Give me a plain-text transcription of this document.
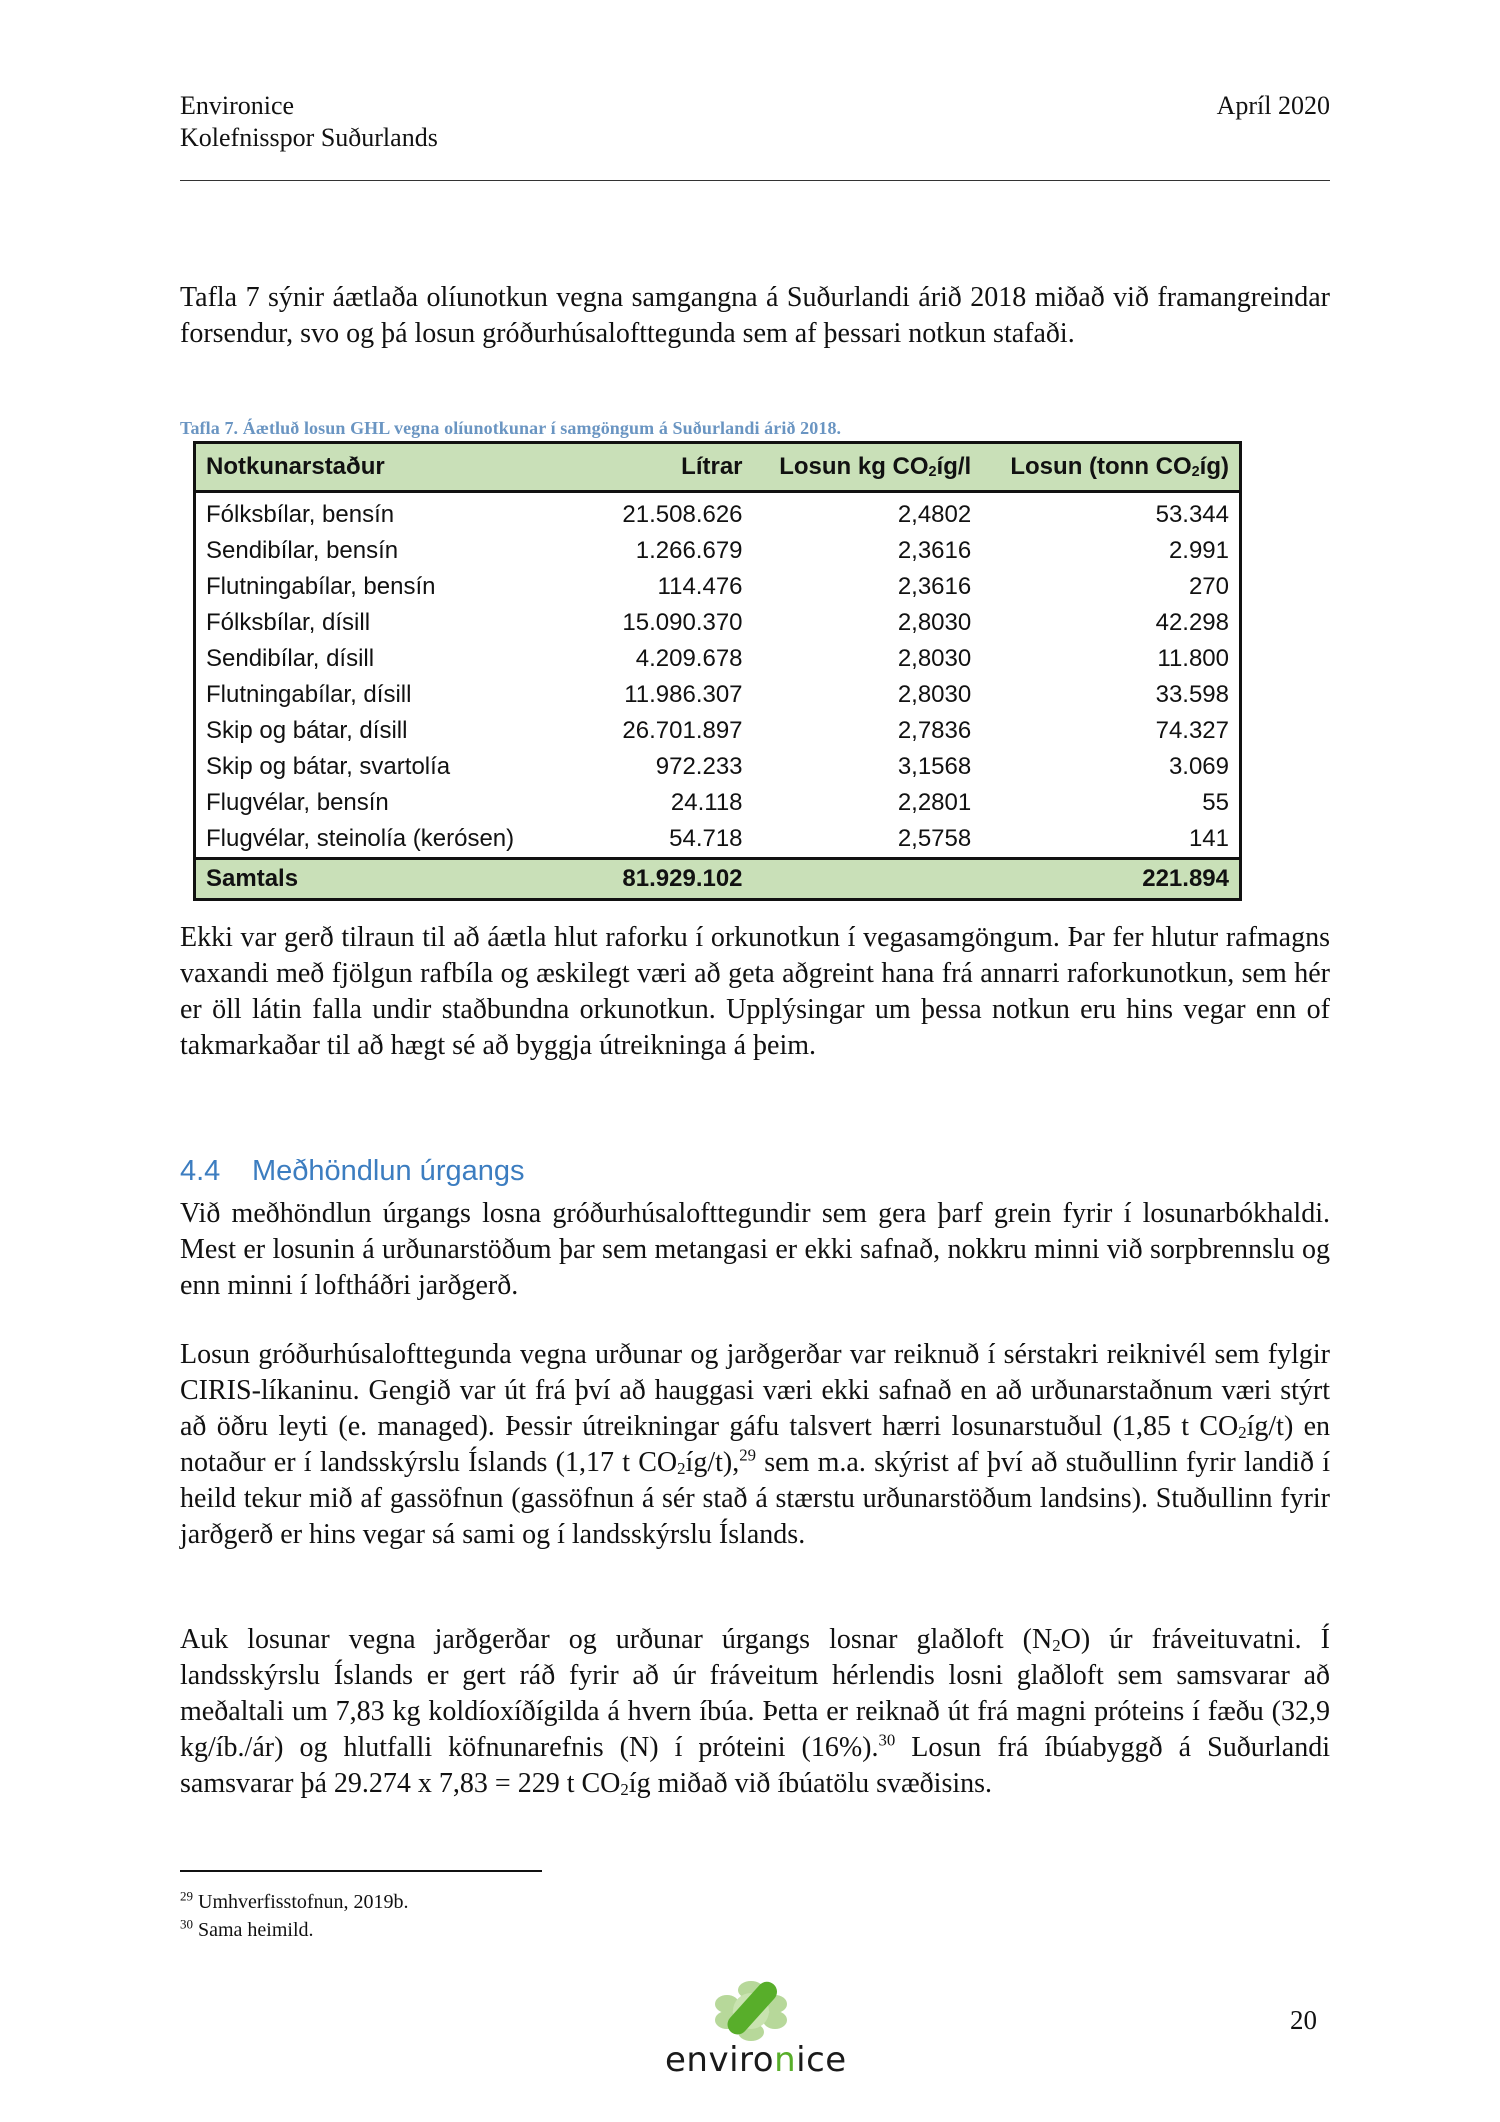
Environice
Kolefnisspor Suðurlands
Apríl 2020

Tafla 7 sýnir áætlaða olíunotkun vegna samgangna á Suðurlandi árið 2018 miðað við framangreindar forsendur, svo og þá losun gróðurhúsalofttegunda sem af þessari notkun stafaði.

Tafla 7. Áætluð losun GHL vegna olíunotkunar í samgöngum á Suðurlandi árið 2018.
Notkunarstaður	Lítrar	Losun kg $CO_2íg/l$	Losun (tonn $CO_2íg$)
Fólksbílar, bensín	21.508.626	2,4802	53.344
Sendibílar, bensín	1.266.679	2,3616	2.991
Flutningabílar, bensín	114.476	2,3616	270
Fólksbílar, dísill	15.090.370	2,8030	42.298
Sendibílar, dísill	4.209.678	2,8030	11.800
Flutningabílar, dísill	11.986.307	2,8030	33.598
Skip og bátar, dísill	26.701.897	2,7836	74.327
Skip og bátar, svartolía	972.233	3,1568	3.069
Flugvélar, bensín	24.118	2,2801	55
Flugvélar, steinolía (kerósen)	54.718	2,5758	141
Samtals	81.929.102		221.894

Ekki var gerð tilraun til að áætla hlut raforku í orkunotkun í vegasamgöngum. Þar fer hlutur rafmagns vaxandi með fjölgun rafbíla og æskilegt væri að geta aðgreint hana frá annarri raforkunotkun, sem hér er öll látin falla undir staðbundna orkunotkun. Upplýsingar um þessa notkun eru hins vegar enn of takmarkaðar til að hægt sé að byggja útreikninga á þeim.

4.4 Meðhöndlun úrgangs

Við meðhöndlun úrgangs losna gróðurhúsalofttegundir sem gera þarf grein fyrir í losunarbókhaldi. Mest er losunin á urðunarstöðum þar sem metangasi er ekki safnað, nokkru minni við sorpbrennslu og enn minni í loftháðri jarðgerð.

Losun gróðurhúsalofttegunda vegna urðunar og jarðgerðar var reiknuð í sérstakri reiknivél sem fylgir CIRIS-líkaninu. Gengið var út frá því að hauggasi væri ekki safnað en að urðunarstaðnum væri stýrt að öðru leyti (e. managed). Þessir útreikningar gáfu talsvert hærri losunarstuðul (1,85 t $CO_2íg/t$) en notaður er í landsskýrslu Íslands (1,17 t $CO_2íg/t),^{29}$ sem m.a. skýrist af því að stuðullinn fyrir landið í heild tekur mið af gassöfnun (gassöfnun á sér stað á stærstu urðunarstöðum landsins). Stuðullinn fyrir jarðgerð er hins vegar sá sami og í landsskýrslu Íslands.

Auk losunar vegna jarðgerðar og urðunar úrgangs losnar glaðloft $(N_2O)$ úr fráveituvatni. Í landsskýrslu Íslands er gert ráð fyrir að úr fráveitum hérlendis losni glaðloft sem samsvarar að meðaltali um 7,83 kg koldíoxíðígilda á hvern íbúa. Þetta er reiknað út frá magni próteins í fæðu (32,9 kg/íb./ár) og hlutfalli köfnunarefnis (N) í próteini (16%).$^{30}$ Losun frá íbúabyggð á Suðurlandi samsvarar þá 29.274 x 7,83 = 229 t $CO_2íg$ miðað við íbúatölu svæðisins.

$^{29}$ Umhverfisstofnun, 2019b.
$^{30}$ Sama heimild.
environice
20
